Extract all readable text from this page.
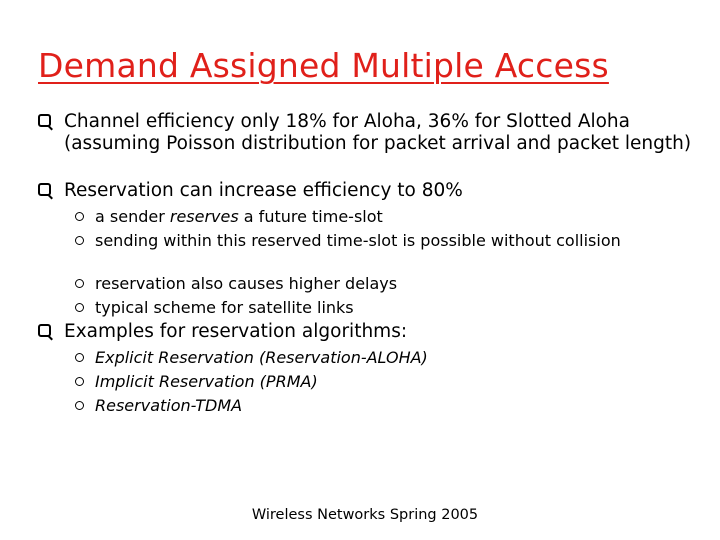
Demand Assigned Multiple Access
Channel efficiency only 18% for Aloha, 36% for Slotted Aloha (assuming Poisson distribution for packet arrival and packet length)
Reservation can increase efficiency to 80%
a sender reserves a future time-slot
sending within this reserved time-slot is possible without collision
reservation also causes higher delays
typical scheme for satellite links
Examples for reservation algorithms:
Explicit Reservation (Reservation-ALOHA)
Implicit Reservation (PRMA)
Reservation-TDMA
Wireless Networks Spring 2005
